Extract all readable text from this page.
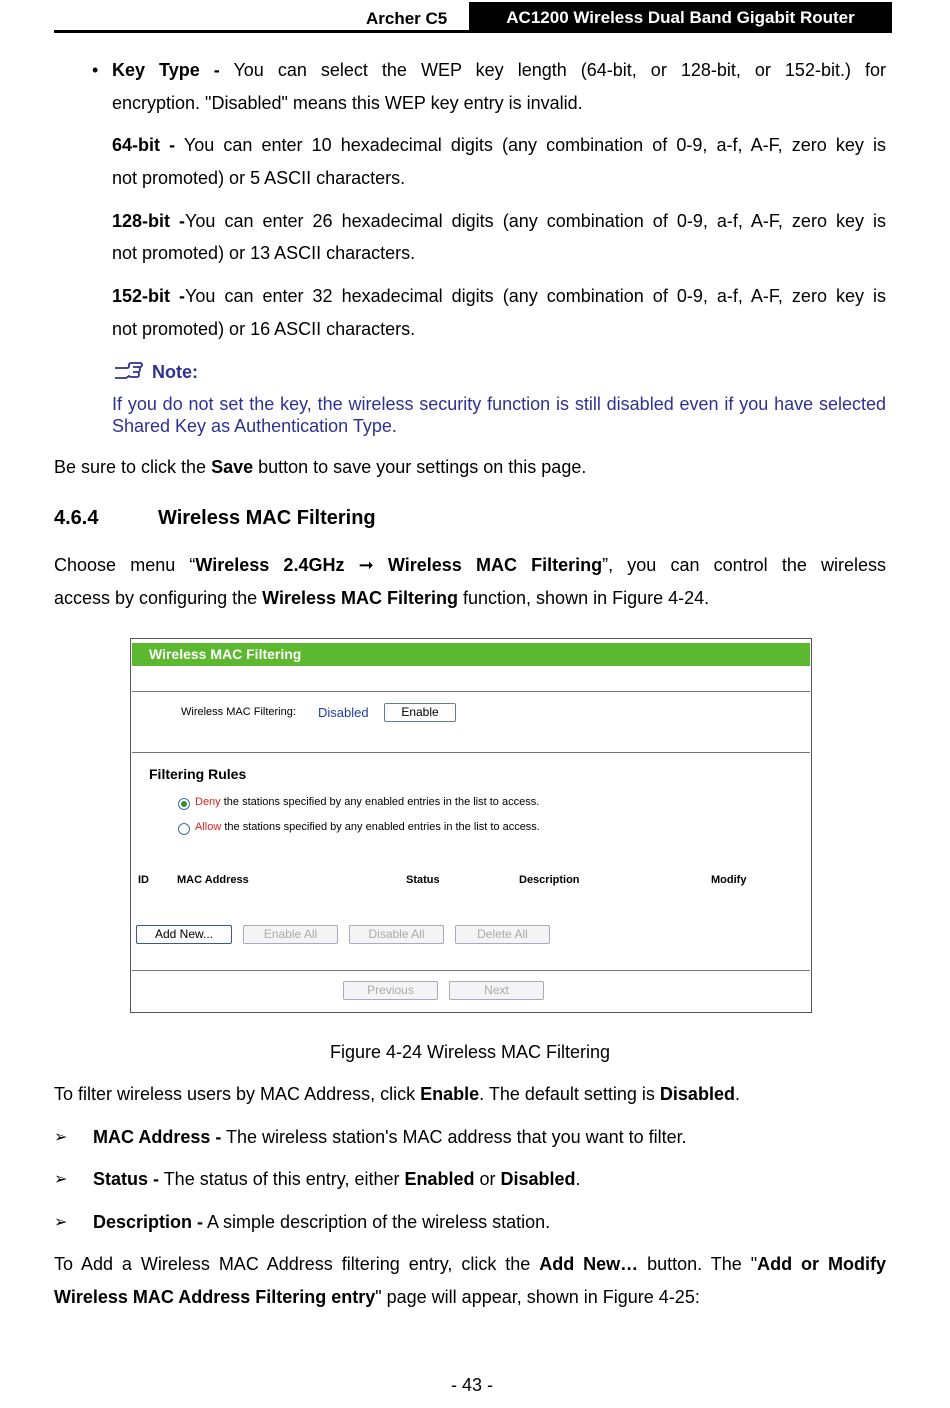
Archer C5	AC1200 Wireless Dual Band Gigabit Router
• Key Type - You can select the WEP key length (64-bit, or 128-bit, or 152-bit.) for
encryption. "Disabled" means this WEP key entry is invalid.
64-bit - You can enter 10 hexadecimal digits (any combination of 0-9, a-f, A-F, zero key is
not promoted) or 5 ASCII characters.
128-bit -You can enter 26 hexadecimal digits (any combination of 0-9, a-f, A-F, zero key is
not promoted) or 13 ASCII characters.
152-bit -You can enter 32 hexadecimal digits (any combination of 0-9, a-f, A-F, zero key is
not promoted) or 16 ASCII characters.
Note:
If you do not set the key, the wireless security function is still disabled even if you have selected Shared Key as Authentication Type.
Be sure to click the Save button to save your settings on this page.
4.6.4	Wireless MAC Filtering
Choose menu “Wireless 2.4GHz ➞ Wireless MAC Filtering”, you can control the wireless
access by configuring the Wireless MAC Filtering function, shown in Figure 4-24.
Wireless MAC Filtering
Wireless MAC Filtering: Disabled	Enable
Filtering Rules
Deny the stations specified by any enabled entries in the list to access.
Allow the stations specified by any enabled entries in the list to access.
ID	MAC Address	Status	Description	Modify
Add New...	Enable All	Disable All	Delete All
Previous	Next
Figure 4-24 Wireless MAC Filtering
To filter wireless users by MAC Address, click Enable. The default setting is Disabled.
➢ MAC Address - The wireless station's MAC address that you want to filter.
➢ Status - The status of this entry, either Enabled or Disabled.
➢ Description - A simple description of the wireless station.
To Add a Wireless MAC Address filtering entry, click the Add New… button. The "Add or Modify
Wireless MAC Address Filtering entry" page will appear, shown in Figure 4-25:
- 43 -
